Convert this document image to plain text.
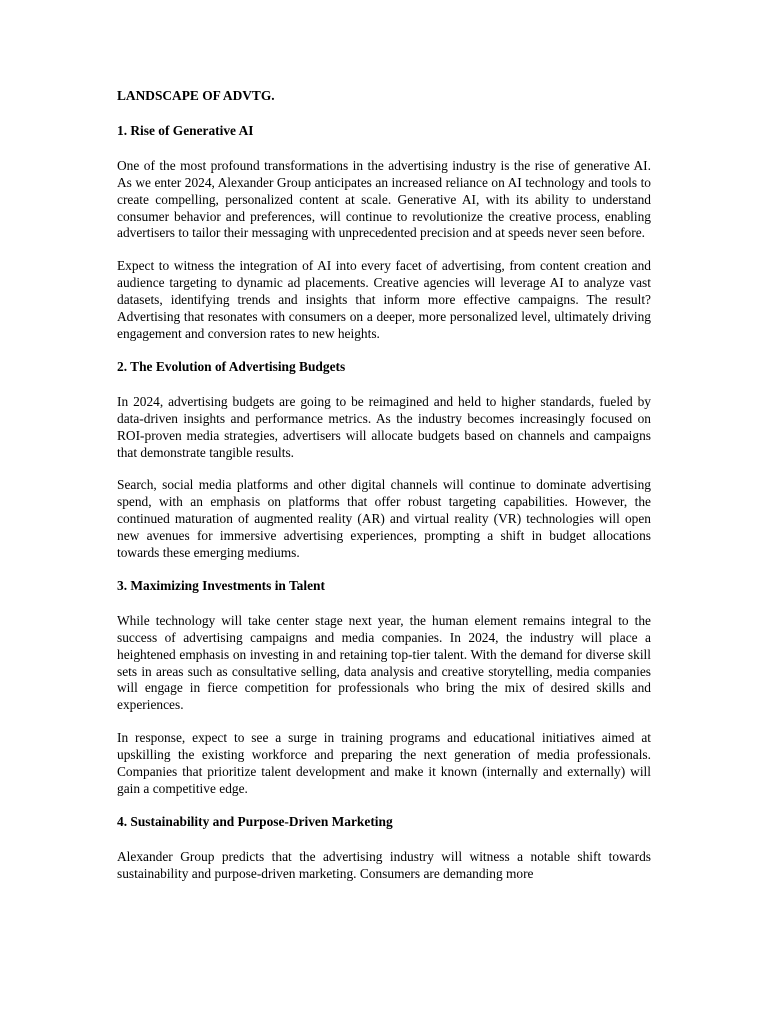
LANDSCAPE OF ADVTG.

1. Rise of Generative AI

One of the most profound transformations in the advertising industry is the rise of generative AI. As we enter 2024, Alexander Group anticipates an increased reliance on AI technology and tools to create compelling, personalized content at scale. Generative AI, with its ability to understand consumer behavior and preferences, will continue to revolutionize the creative process, enabling advertisers to tailor their messaging with unprecedented precision and at speeds never seen before.

Expect to witness the integration of AI into every facet of advertising, from content creation and audience targeting to dynamic ad placements. Creative agencies will leverage AI to analyze vast datasets, identifying trends and insights that inform more effective campaigns. The result? Advertising that resonates with consumers on a deeper, more personalized level, ultimately driving engagement and conversion rates to new heights.

2. The Evolution of Advertising Budgets

In 2024, advertising budgets are going to be reimagined and held to higher standards, fueled by data-driven insights and performance metrics. As the industry becomes increasingly focused on ROI-proven media strategies, advertisers will allocate budgets based on channels and campaigns that demonstrate tangible results.

Search, social media platforms and other digital channels will continue to dominate advertising spend, with an emphasis on platforms that offer robust targeting capabilities. However, the continued maturation of augmented reality (AR) and virtual reality (VR) technologies will open new avenues for immersive advertising experiences, prompting a shift in budget allocations towards these emerging mediums.

3. Maximizing Investments in Talent

While technology will take center stage next year, the human element remains integral to the success of advertising campaigns and media companies. In 2024, the industry will place a heightened emphasis on investing in and retaining top-tier talent. With the demand for diverse skill sets in areas such as consultative selling, data analysis and creative storytelling, media companies will engage in fierce competition for professionals who bring the mix of desired skills and experiences.

In response, expect to see a surge in training programs and educational initiatives aimed at upskilling the existing workforce and preparing the next generation of media professionals. Companies that prioritize talent development and make it known (internally and externally) will gain a competitive edge.

4. Sustainability and Purpose-Driven Marketing

Alexander Group predicts that the advertising industry will witness a notable shift towards sustainability and purpose-driven marketing. Consumers are demanding more
